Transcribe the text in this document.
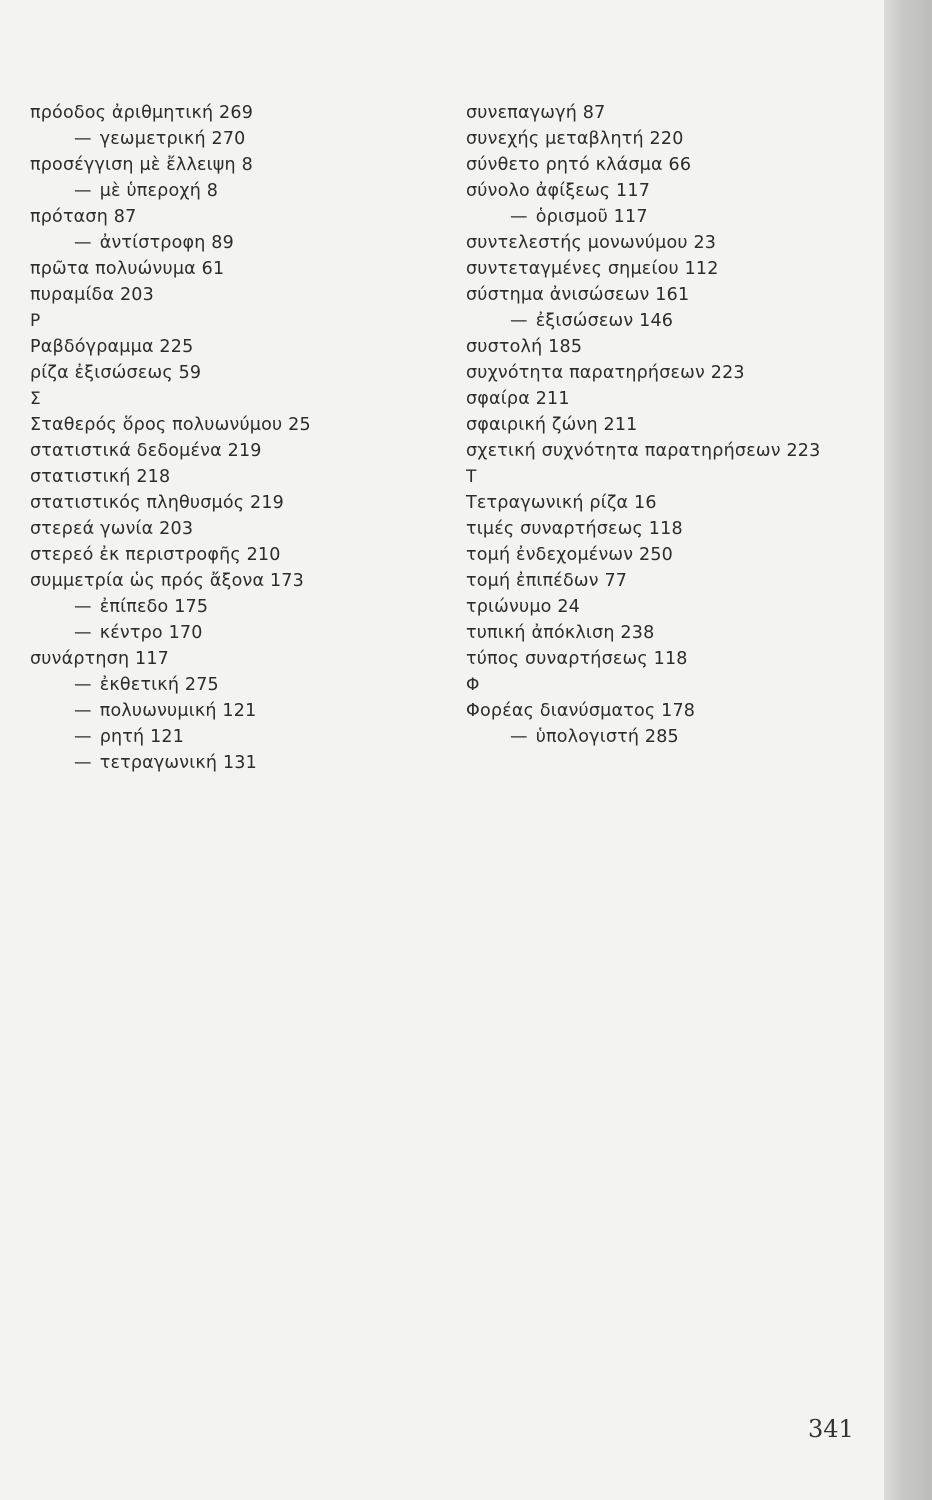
πρόοδος ἀριθμητική 269
— γεωμετρική 270
προσέγγιση μὲ ἔλλειψη 8
— μὲ ὑπεροχή 8
πρόταση 87
— ἀντίστροφη 89
πρῶτα πολυώνυμα 61
πυραμίδα 203
Ρ
Ραβδόγραμμα 225
ρίζα ἐξισώσεως 59
Σ
Σταθερός ὅρος πολυωνύμου 25
στατιστικά δεδομένα 219
στατιστική 218
στατιστικός πληθυσμός 219
στερεά γωνία 203
στερεό ἐκ περιστροφῆς 210
συμμετρία ὡς πρός ἄξονα 173
— ἐπίπεδο 175
— κέντρο 170
συνάρτηση 117
— ἐκθετική 275
— πολυωνυμική 121
— ρητή 121
— τετραγωνική 131
συνεπαγωγή 87
συνεχής μεταβλητή 220
σύνθετο ρητό κλάσμα 66
σύνολο ἀφίξεως 117
— ὁρισμοῦ 117
συντελεστής μονωνύμου 23
συντεταγμένες σημείου 112
σύστημα ἀνισώσεων 161
— ἐξισώσεων 146
συστολή 185
συχνότητα παρατηρήσεων 223
σφαίρα 211
σφαιρική ζώνη 211
σχετική συχνότητα παρατηρήσεων 223
Τ
Τετραγωνική ρίζα 16
τιμές συναρτήσεως 118
τομή ἐνδεχομένων 250
τομή ἐπιπέδων 77
τριώνυμο 24
τυπική ἀπόκλιση 238
τύπος συναρτήσεως 118
Φ
Φορέας διανύσματος 178
— ὑπολογιστή 285
341
